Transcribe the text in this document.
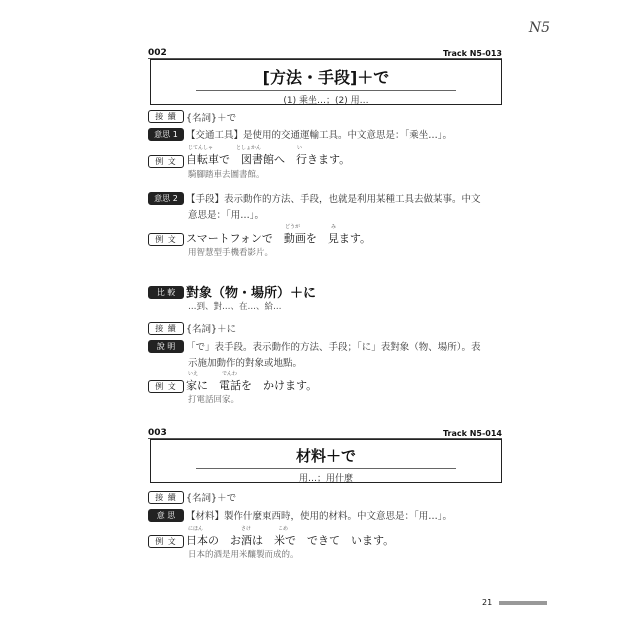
N5
002	Track N5-013
[方法・手段]＋で
(1) 乘坐…；(2) 用…
接 續 {名詞}＋で
意思 1 【交通工具】是使用的交通運輸工具。中文意思是：「乘坐…」。
例 文
じてんしゃ	としょかん	い
自転車で　図書館へ　行きます。
騎腳踏車去圖書館。
意思 2 【手段】表示動作的方法、手段，也就是利用某種工具去做某事。中文
意思是：「用…」。
例 文
どうが	み
スマートフォンで　動画を　見ます。
用智慧型手機看影片。
比 較 對象（物・場所）＋に
…到、對…、在…、給…
接 續 {名詞}＋に
說 明	「で」表手段。表示動作的方法、手段；「に」表對象（物、場所）。表
示施加動作的對象或地點。
例 文
いえ	でんわ
家に　電話を　かけます。
打電話回家。
003	Track N5-014
材料＋で
用…；用什麼
接 續 {名詞}＋で
意 思	【材料】製作什麼東西時，使用的材料。中文意思是：「用…」。
例 文
にほん	さけ	こめ
日本の　お酒は　米で　できて　います。
日本的酒是用米釀製而成的。
21
